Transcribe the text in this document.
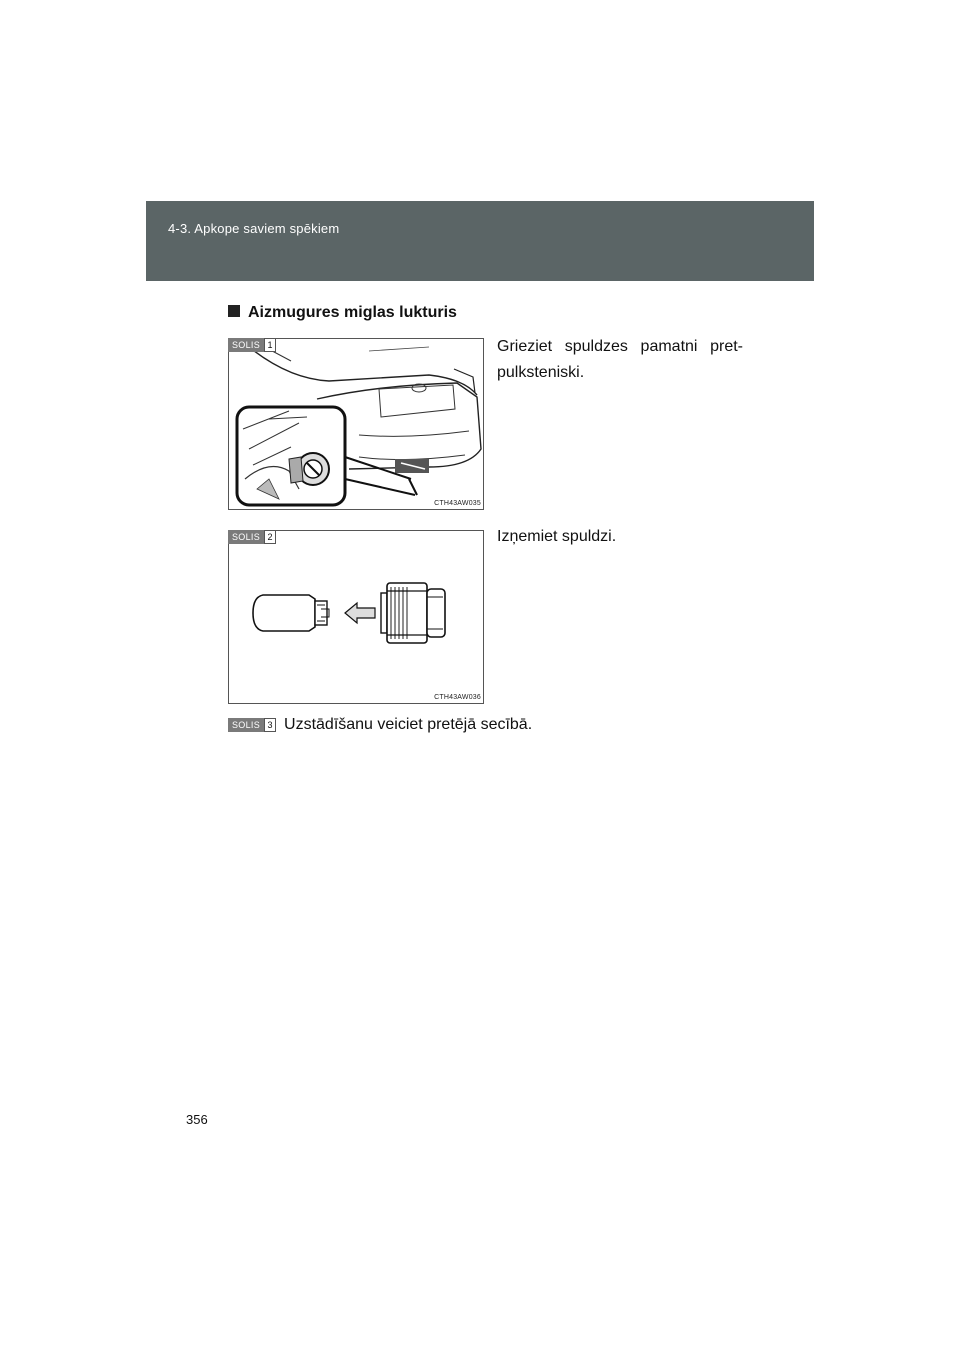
4-3. Apkope saviem spēkiem
Aizmugures miglas lukturis
SOLIS 1
CTH43AW035
Grieziet spuldzes pamatni pret-pulksteniski.
SOLIS 2
CTH43AW036
Izņemiet spuldzi.
SOLIS 3 Uzstādīšanu veiciet pretējā secībā.
356
